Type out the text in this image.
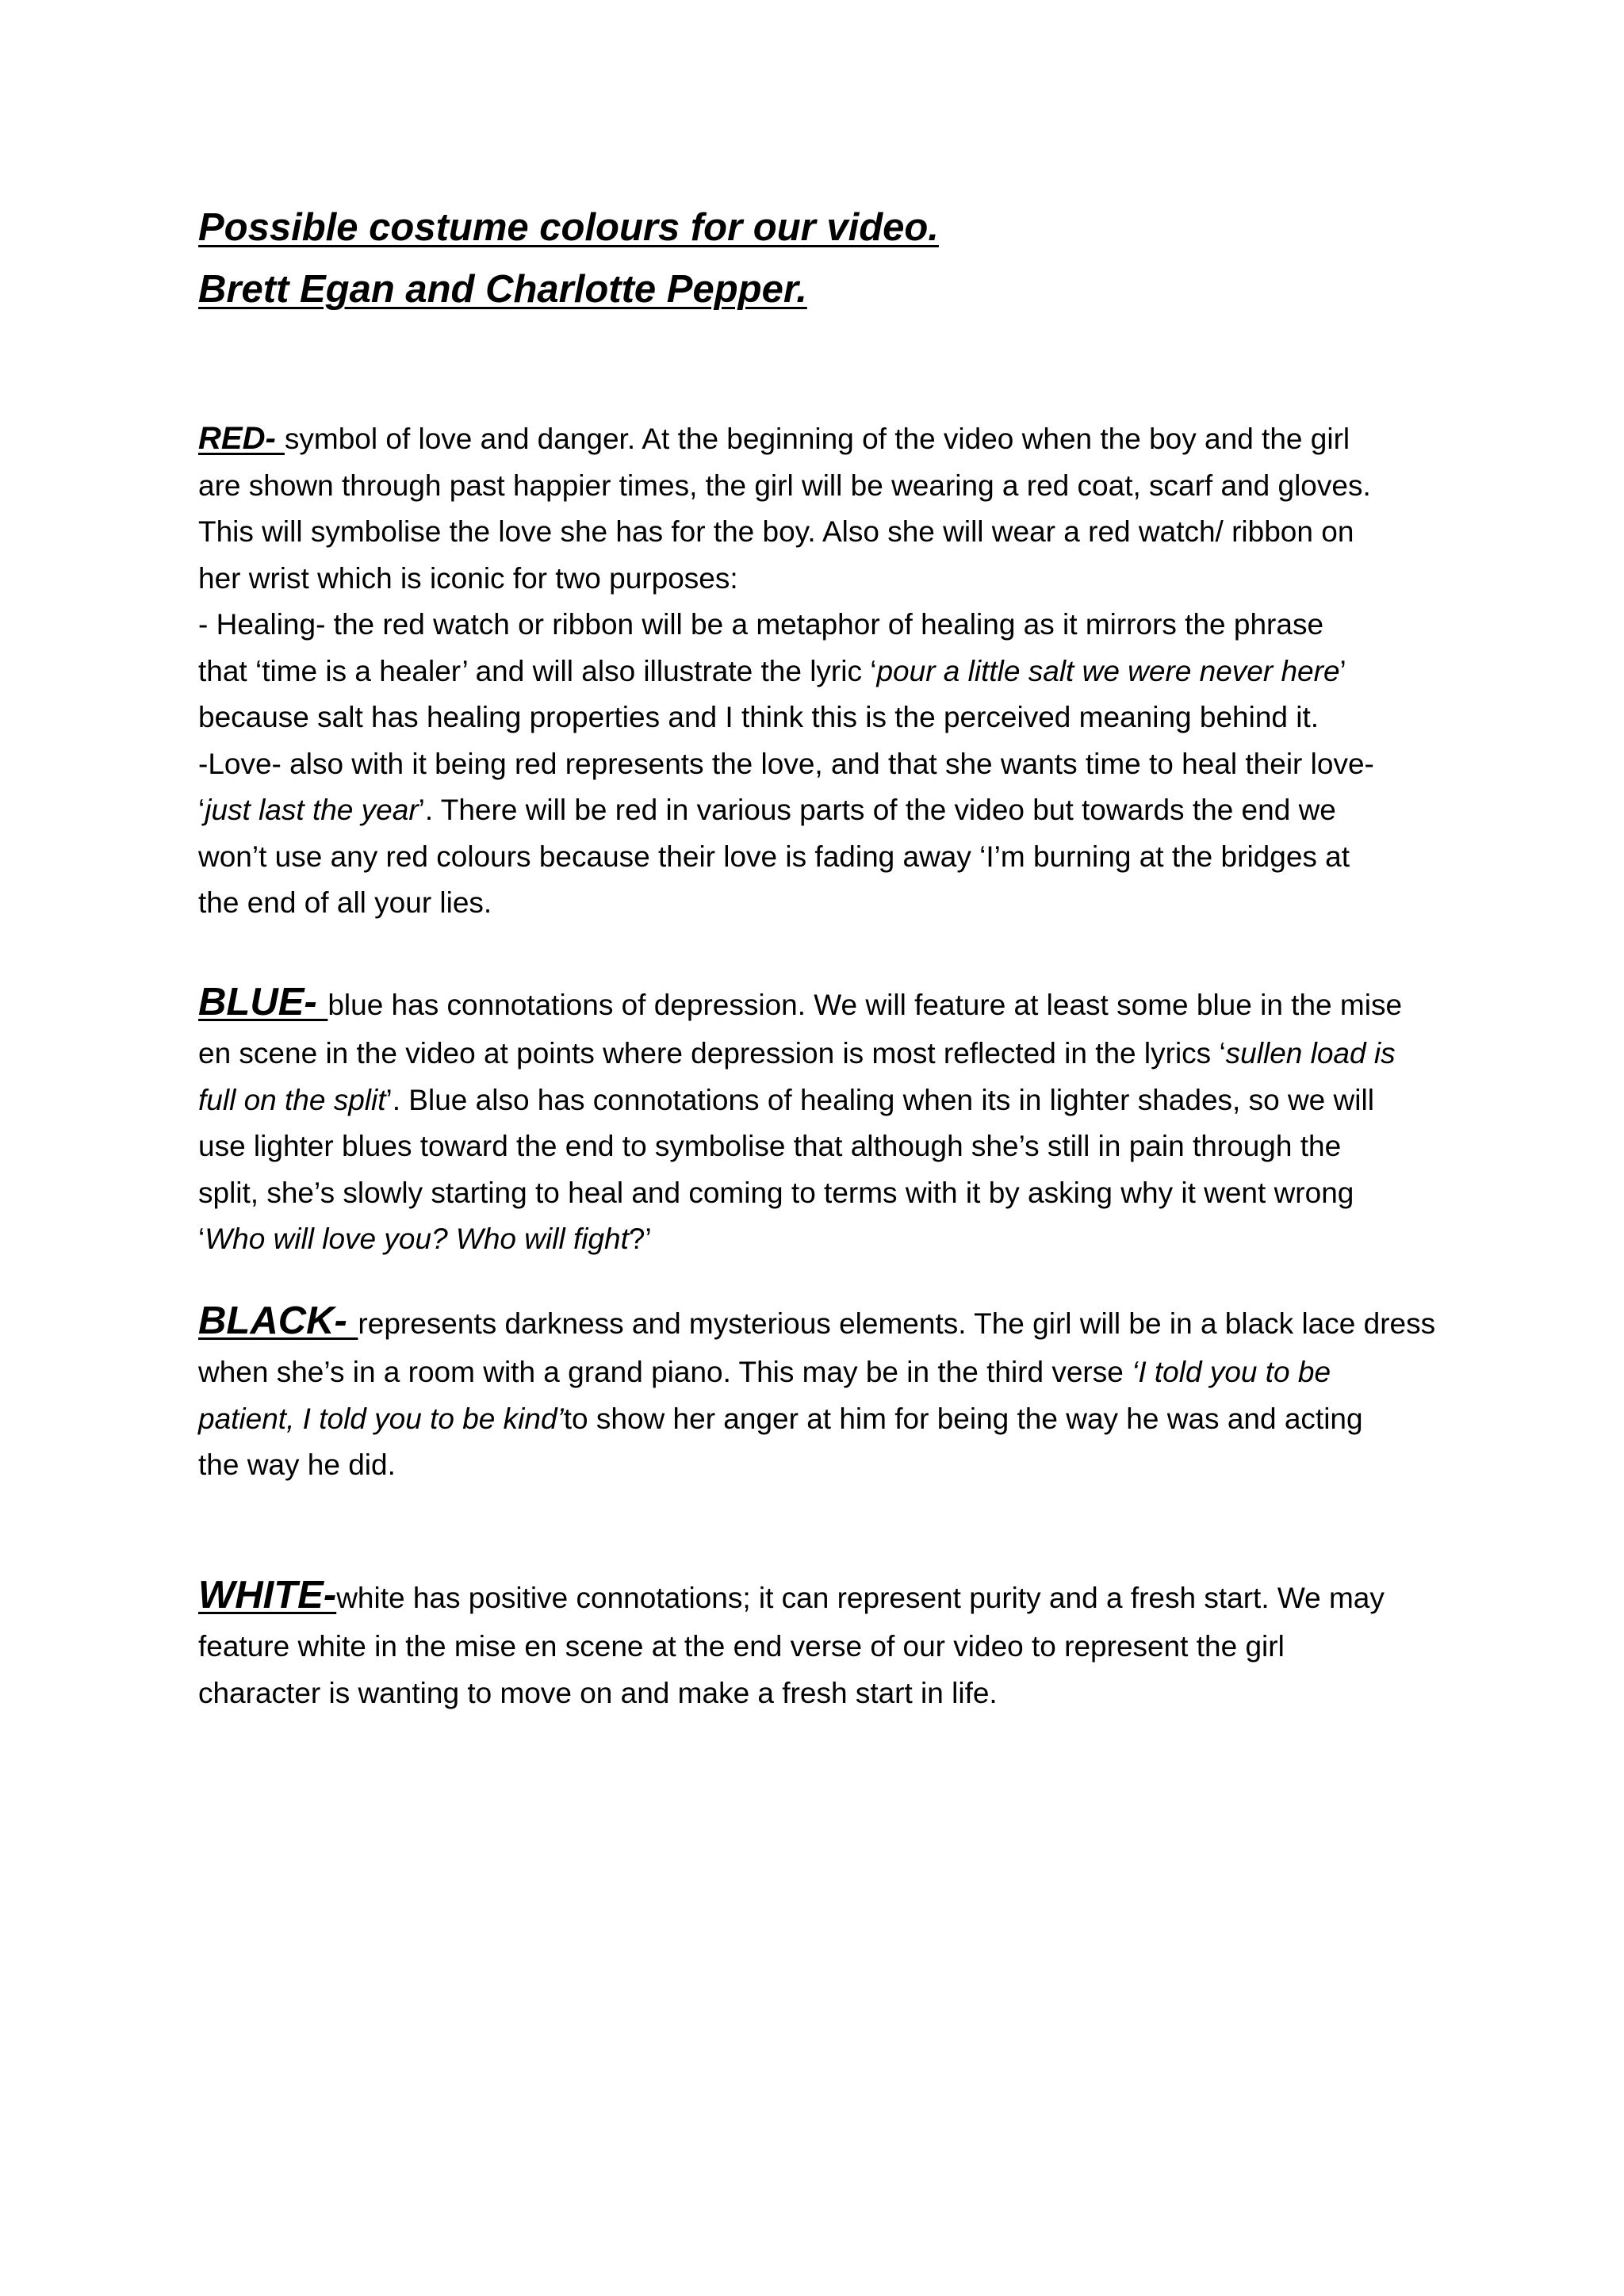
Possible costume colours for our video.
Brett Egan and Charlotte Pepper.
RED- symbol of love and danger. At the beginning of the video when the boy and the girl
are shown through past happier times, the girl will be wearing a red coat, scarf and gloves.
This will symbolise the love she has for the boy. Also she will wear a red watch/ ribbon on
her wrist which is iconic for two purposes:
- Healing- the red watch or ribbon will be a metaphor of healing as it mirrors the phrase
that ‘time is a healer’ and will also illustrate the lyric ‘pour a little salt we were never here’
because salt has healing properties and I think this is the perceived meaning behind it.
-Love- also with it being red represents the love, and that she wants time to heal their love-
‘just last the year’. There will be red in various parts of the video but towards the end we
won’t use any red colours because their love is fading away ‘I’m burning at the bridges at
the end of all your lies.
BLUE- blue has connotations of depression. We will feature at least some blue in the mise
en scene in the video at points where depression is most reflected in the lyrics ‘sullen load is
full on the split’. Blue also has connotations of healing when its in lighter shades, so we will
use lighter blues toward the end to symbolise that although she’s still in pain through the
split, she’s slowly starting to heal and coming to terms with it by asking why it went wrong
‘Who will love you? Who will fight?’
BLACK- represents darkness and mysterious elements. The girl will be in a black lace dress
when she’s in a room with a grand piano. This may be in the third verse ‘I told you to be
patient, I told you to be kind’to show her anger at him for being the way he was and acting
the way he did.
WHITE-white has positive connotations; it can represent purity and a fresh start. We may
feature white in the mise en scene at the end verse of our video to represent the girl
character is wanting to move on and make a fresh start in life.
